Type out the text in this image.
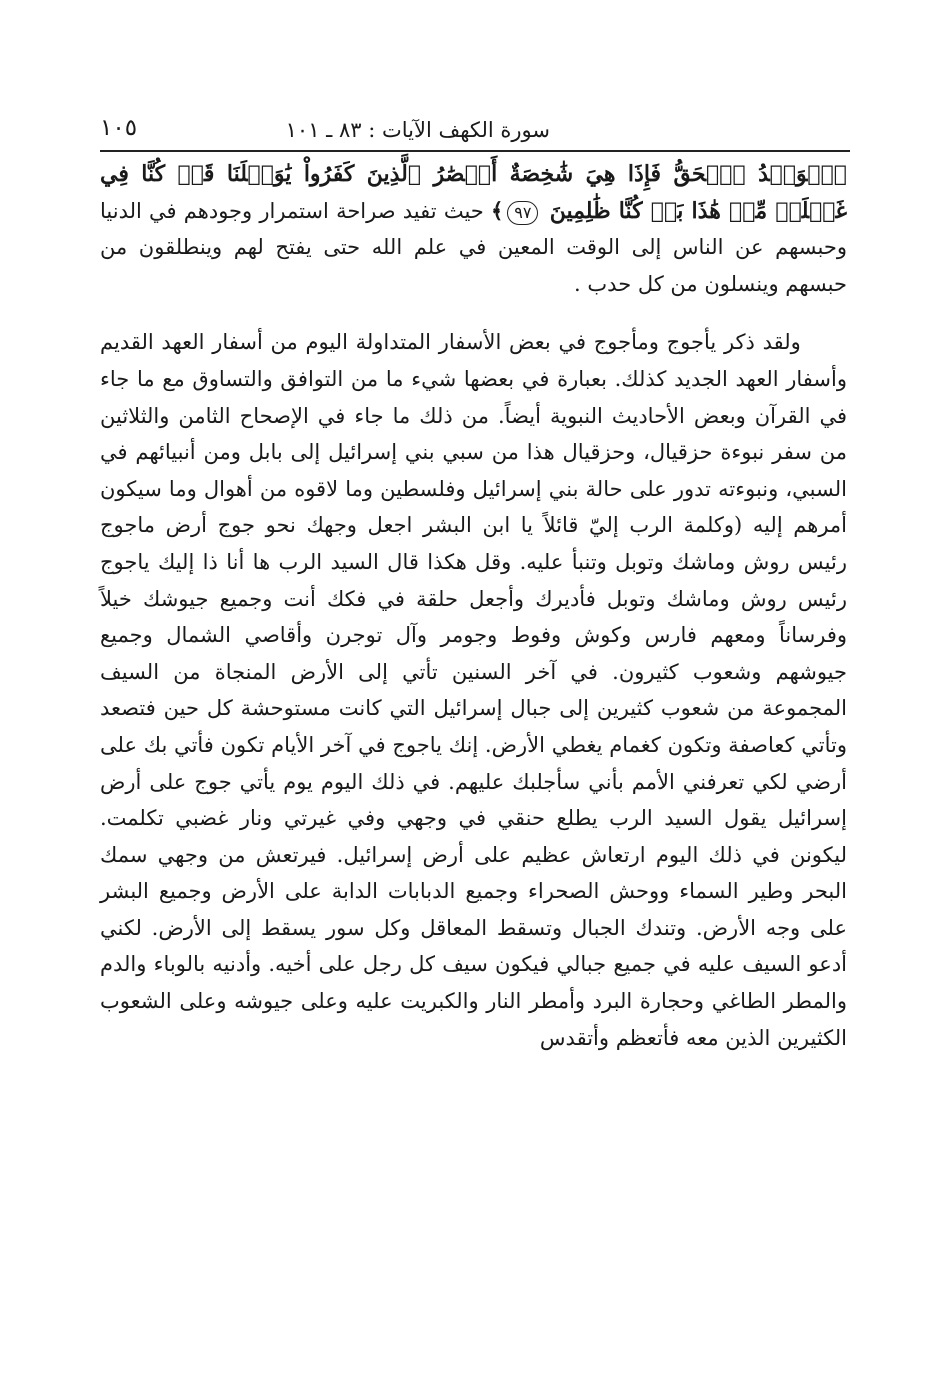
سورة الكهف الآيات : ٨٣ ـ ١٠١
١٠٥

ٱلۡوَعۡدُ ٱلۡحَقُّ فَإِذَا هِيَ شَٰخِصَةٌ أَبۡصَٰرُ ٱلَّذِينَ كَفَرُواْ يَٰوَيۡلَنَا قَدۡ كُنَّا فِي غَفۡلَةٖ مِّنۡ هَٰذَا بَلۡ كُنَّا ظَٰلِمِينَ ٩٧﴾ حيث تفيد صراحة استمرار وجودهم في الدنيا وحبسهم عن الناس إلى الوقت المعين في علم الله حتى يفتح لهم وينطلقون من حبسهم وينسلون من كل حدب .

ولقد ذكر يأجوج ومأجوج في بعض الأسفار المتداولة اليوم من أسفار العهد القديم وأسفار العهد الجديد كذلك. بعبارة في بعضها شيء ما من التوافق والتساوق مع ما جاء في القرآن وبعض الأحاديث النبوية أيضاً. من ذلك ما جاء في الإصحاح الثامن والثلاثين من سفر نبوءة حزقيال، وحزقيال هذا من سبي بني إسرائيل إلى بابل ومن أنبيائهم في السبي، ونبوءته تدور على حالة بني إسرائيل وفلسطين وما لاقوه من أهوال وما سيكون أمرهم إليه (وكلمة الرب إليّ قائلاً يا ابن البشر اجعل وجهك نحو جوج أرض ماجوج رئيس روش وماشك وتوبل وتنبأ عليه. وقل هكذا قال السيد الرب ها أنا ذا إليك ياجوج رئيس روش وماشك وتوبل فأديرك وأجعل حلقة في فكك أنت وجميع جيوشك خيلاً وفرساناً ومعهم فارس وكوش وفوط وجومر وآل توجرن وأقاصي الشمال وجميع جيوشهم وشعوب كثيرون. في آخر السنين تأتي إلى الأرض المنجاة من السيف المجموعة من شعوب كثيرين إلى جبال إسرائيل التي كانت مستوحشة كل حين فتصعد وتأتي كعاصفة وتكون كغمام يغطي الأرض. إنك ياجوج في آخر الأيام تكون فأتي بك على أرضي لكي تعرفني الأمم بأني سأجلبك عليهم. في ذلك اليوم يوم يأتي جوج على أرض إسرائيل يقول السيد الرب يطلع حنقي في وجهي وفي غيرتي ونار غضبي تكلمت. ليكونن في ذلك اليوم ارتعاش عظيم على أرض إسرائيل. فيرتعش من وجهي سمك البحر وطير السماء ووحش الصحراء وجميع الدبابات الدابة على الأرض وجميع البشر على وجه الأرض. وتندك الجبال وتسقط المعاقل وكل سور يسقط إلى الأرض. لكني أدعو السيف عليه في جميع جبالي فيكون سيف كل رجل على أخيه. وأدنيه بالوباء والدم والمطر الطاغي وحجارة البرد وأمطر النار والكبريت عليه وعلى جيوشه وعلى الشعوب الكثيرين الذين معه فأتعظم وأتقدس
